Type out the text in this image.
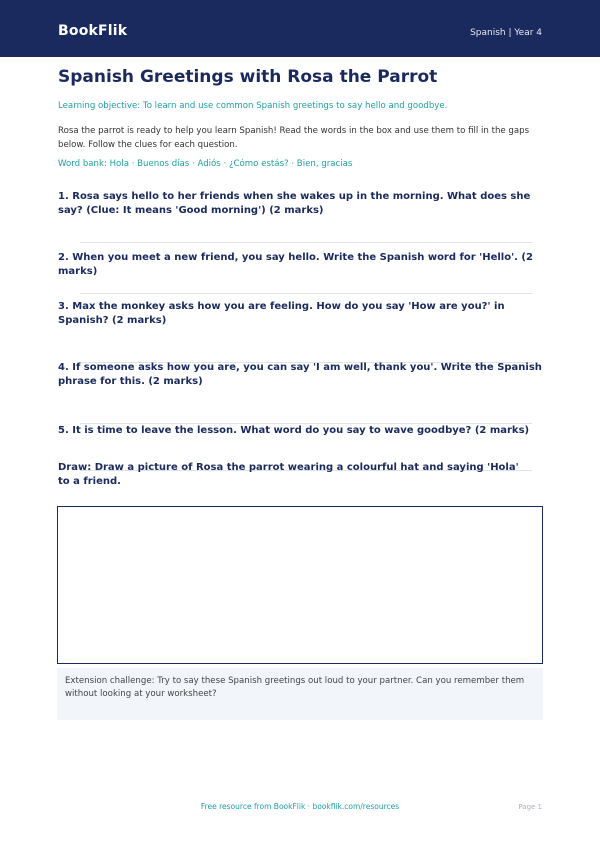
BookFlik	Spanish | Year 4
Spanish Greetings with Rosa the Parrot
Learning objective: To learn and use common Spanish greetings to say hello and goodbye.
Rosa the parrot is ready to help you learn Spanish! Read the words in the box and use them to fill in the gaps below. Follow the clues for each question.
Word bank: Hola · Buenos días · Adiós · ¿Cómo estás? · Bien, gracias
1. Rosa says hello to her friends when she wakes up in the morning. What does she say? (Clue: It means 'Good morning') (2 marks)
2. When you meet a new friend, you say hello. Write the Spanish word for 'Hello'. (2 marks)
3. Max the monkey asks how you are feeling. How do you say 'How are you?' in Spanish? (2 marks)
4. If someone asks how you are, you can say 'I am well, thank you'. Write the Spanish phrase for this. (2 marks)
5. It is time to leave the lesson. What word do you say to wave goodbye? (2 marks)
Draw: Draw a picture of Rosa the parrot wearing a colourful hat and saying 'Hola' to a friend.
Extension challenge: Try to say these Spanish greetings out loud to your partner. Can you remember them without looking at your worksheet?
Free resource from BookFlik · bookflik.com/resources	Page 1
